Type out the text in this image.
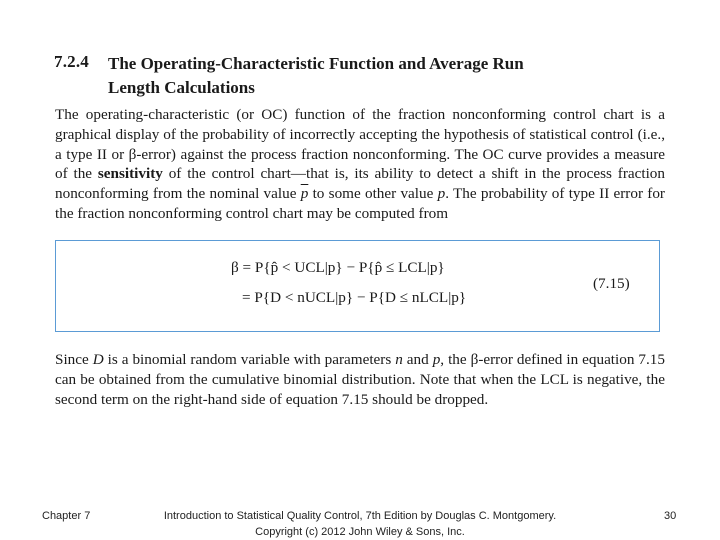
7.2.4 The Operating-Characteristic Function and Average Run Length Calculations
The operating-characteristic (or OC) function of the fraction nonconforming control chart is a graphical display of the probability of incorrectly accepting the hypothesis of statistical control (i.e., a type II or β-error) against the process fraction nonconforming. The OC curve provides a measure of the sensitivity of the control chart—that is, its ability to detect a shift in the process fraction nonconforming from the nominal value $\overline{p}$ to some other value p. The probability of type II error for the fraction nonconforming control chart may be computed from
β = P{p̂ < UCL|p} − P{p̂ ≤ LCL|p}
= P{D < nUCL|p} − P{D ≤ nLCL|p}
(7.15)
Since D is a binomial random variable with parameters n and p, the β-error defined in equation 7.15 can be obtained from the cumulative binomial distribution. Note that when the LCL is negative, the second term on the right-hand side of equation 7.15 should be dropped.
Chapter 7	Introduction to Statistical Quality Control, 7th Edition by Douglas C. Montgomery.
Copyright (c) 2012 John Wiley & Sons, Inc.
30
